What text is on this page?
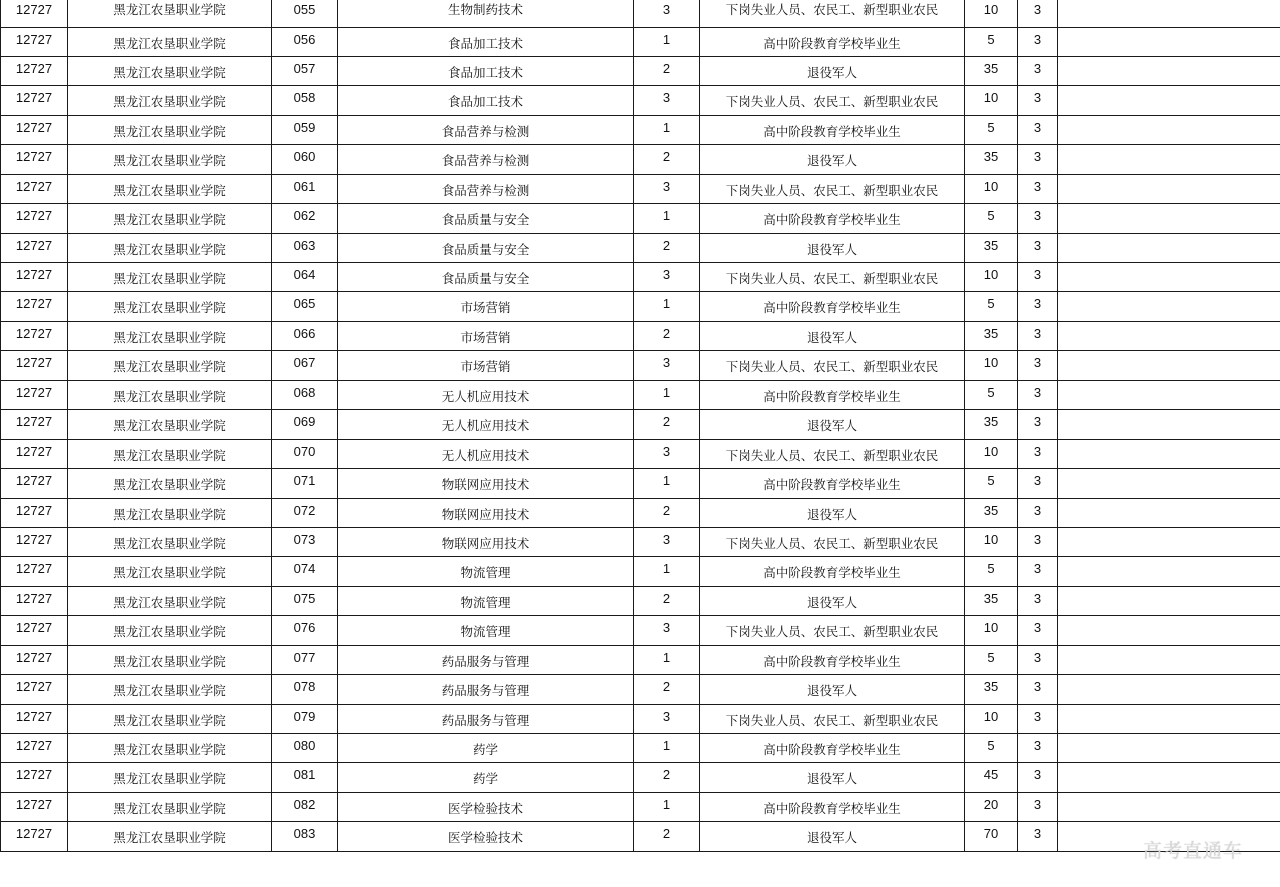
12727	黑龙江农垦职业学院	055	生物制药技术	3	下岗失业人员、农民工、新型职业农民	10	3	
12727	黑龙江农垦职业学院	056	食品加工技术	1	高中阶段教育学校毕业生	5	3	
12727	黑龙江农垦职业学院	057	食品加工技术	2	退役军人	35	3	
12727	黑龙江农垦职业学院	058	食品加工技术	3	下岗失业人员、农民工、新型职业农民	10	3	
12727	黑龙江农垦职业学院	059	食品营养与检测	1	高中阶段教育学校毕业生	5	3	
12727	黑龙江农垦职业学院	060	食品营养与检测	2	退役军人	35	3	
12727	黑龙江农垦职业学院	061	食品营养与检测	3	下岗失业人员、农民工、新型职业农民	10	3	
12727	黑龙江农垦职业学院	062	食品质量与安全	1	高中阶段教育学校毕业生	5	3	
12727	黑龙江农垦职业学院	063	食品质量与安全	2	退役军人	35	3	
12727	黑龙江农垦职业学院	064	食品质量与安全	3	下岗失业人员、农民工、新型职业农民	10	3	
12727	黑龙江农垦职业学院	065	市场营销	1	高中阶段教育学校毕业生	5	3	
12727	黑龙江农垦职业学院	066	市场营销	2	退役军人	35	3	
12727	黑龙江农垦职业学院	067	市场营销	3	下岗失业人员、农民工、新型职业农民	10	3	
12727	黑龙江农垦职业学院	068	无人机应用技术	1	高中阶段教育学校毕业生	5	3	
12727	黑龙江农垦职业学院	069	无人机应用技术	2	退役军人	35	3	
12727	黑龙江农垦职业学院	070	无人机应用技术	3	下岗失业人员、农民工、新型职业农民	10	3	
12727	黑龙江农垦职业学院	071	物联网应用技术	1	高中阶段教育学校毕业生	5	3	
12727	黑龙江农垦职业学院	072	物联网应用技术	2	退役军人	35	3	
12727	黑龙江农垦职业学院	073	物联网应用技术	3	下岗失业人员、农民工、新型职业农民	10	3	
12727	黑龙江农垦职业学院	074	物流管理	1	高中阶段教育学校毕业生	5	3	
12727	黑龙江农垦职业学院	075	物流管理	2	退役军人	35	3	
12727	黑龙江农垦职业学院	076	物流管理	3	下岗失业人员、农民工、新型职业农民	10	3	
12727	黑龙江农垦职业学院	077	药品服务与管理	1	高中阶段教育学校毕业生	5	3	
12727	黑龙江农垦职业学院	078	药品服务与管理	2	退役军人	35	3	
12727	黑龙江农垦职业学院	079	药品服务与管理	3	下岗失业人员、农民工、新型职业农民	10	3	
12727	黑龙江农垦职业学院	080	药学	1	高中阶段教育学校毕业生	5	3	
12727	黑龙江农垦职业学院	081	药学	2	退役军人	45	3	
12727	黑龙江农垦职业学院	082	医学检验技术	1	高中阶段教育学校毕业生	20	3	
12727	黑龙江农垦职业学院	083	医学检验技术	2	退役军人	70	3	
高考直通车
